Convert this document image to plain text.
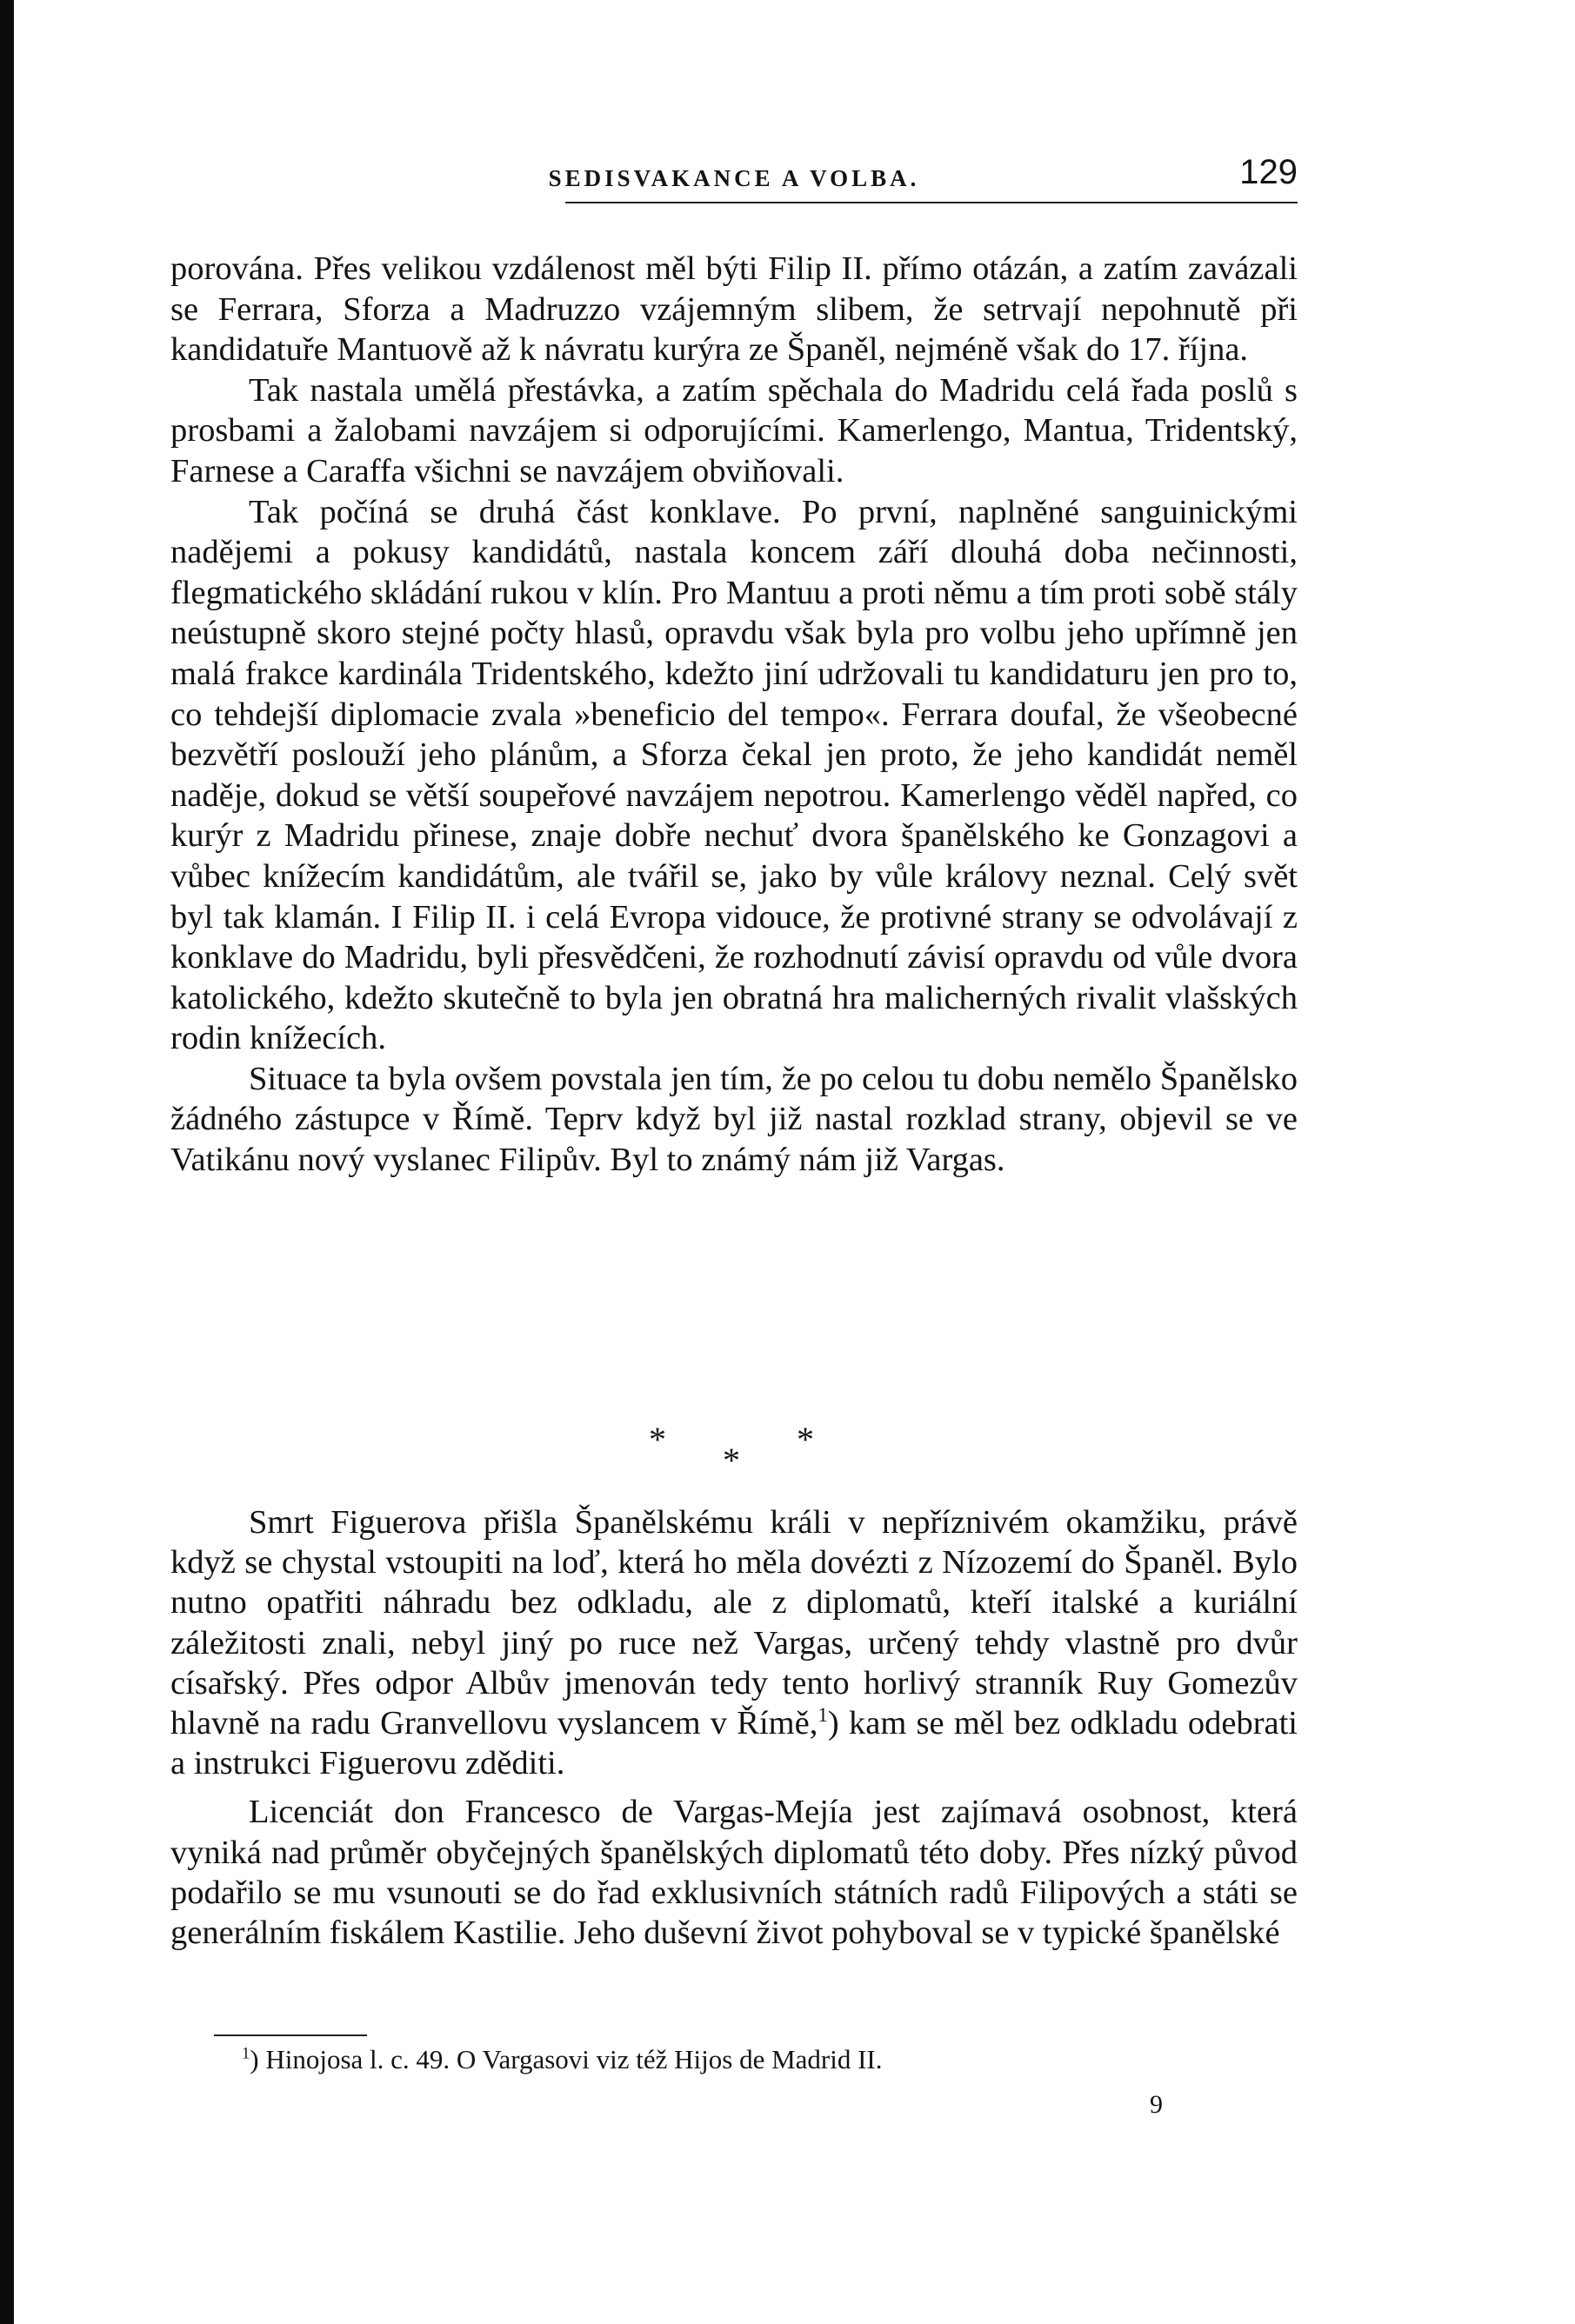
SEDISVAKANCE A VOLBA.	129

porována. Přes velikou vzdálenost měl býti Filip II. přímo otázán, a zatím zavázali se Ferrara, Sforza a Madruzzo vzájemným slibem, že setrvají nepohnutě při kandidatuře Mantuově až k návratu kurýra ze Španěl, nejméně však do 17. října.

Tak nastala umělá přestávka, a zatím spěchala do Madridu celá řada poslů s prosbami a žalobami navzájem si odporujícími. Kamerlengo, Mantua, Tridentský, Farnese a Caraffa všichni se navzájem obviňovali.

Tak počíná se druhá část konklave. Po první, naplněné sanguinickými nadějemi a pokusy kandidátů, nastala koncem září dlouhá doba nečinnosti, flegmatického skládání rukou v klín. Pro Mantuu a proti němu a tím proti sobě stály neústupně skoro stejné počty hlasů, opravdu však byla pro volbu jeho upřímně jen malá frakce kardinála Tridentského, kdežto jiní udržovali tu kandidaturu jen pro to, co tehdejší diplomacie zvala »beneficio del tempo«. Ferrara doufal, že všeobecné bezvětří poslouží jeho plánům, a Sforza čekal jen proto, že jeho kandidát neměl naděje, dokud se větší soupeřové navzájem nepotrou. Kamerlengo věděl napřed, co kurýr z Madridu přinese, znaje dobře nechuť dvora španělského ke Gonzagovi a vůbec knížecím kandidátům, ale tvářil se, jako by vůle královy neznal. Celý svět byl tak klamán. I Filip II. i celá Evropa vidouce, že protivné strany se odvolávají z konklave do Madridu, byli přesvědčeni, že rozhodnutí závisí opravdu od vůle dvora katolického, kdežto skutečně to byla jen obratná hra malicherných rivalit vlašských rodin knížecích.

Situace ta byla ovšem povstala jen tím, že po celou tu dobu nemělo Španělsko žádného zástupce v Římě. Teprv když byl již nastal rozklad strany, objevil se ve Vatikánu nový vyslanec Filipův. Byl to známý nám již Vargas.

*	*
*

Smrt Figuerova přišla Španělskému králi v nepříznivém okamžiku, právě když se chystal vstoupiti na loď, která ho měla dovézti z Nízozemí do Španěl. Bylo nutno opatřiti náhradu bez odkladu, ale z diplomatů, kteří italské a kuriální záležitosti znali, nebyl jiný po ruce než Vargas, určený tehdy vlastně pro dvůr císařský. Přes odpor Albův jmenován tedy tento horlivý stranník Ruy Gomezův hlavně na radu Granvellovu vyslancem v Římě,$^1$) kam se měl bez odkladu odebrati a instrukci Figuerovu zděditi.

Licenciát don Francesco de Vargas-Mejía jest zajímavá osobnost, která vyniká nad průměr obyčejných španělských diplomatů této doby. Přes nízký původ podařilo se mu vsunouti se do řad exklusivních státních radů Filipových a státi se generálním fiskálem Kastilie. Jeho duševní život pohyboval se v typické španělské

$^1$) Hinojosa l. c. 49. O Vargasovi viz též Hijos de Madrid II.
9
